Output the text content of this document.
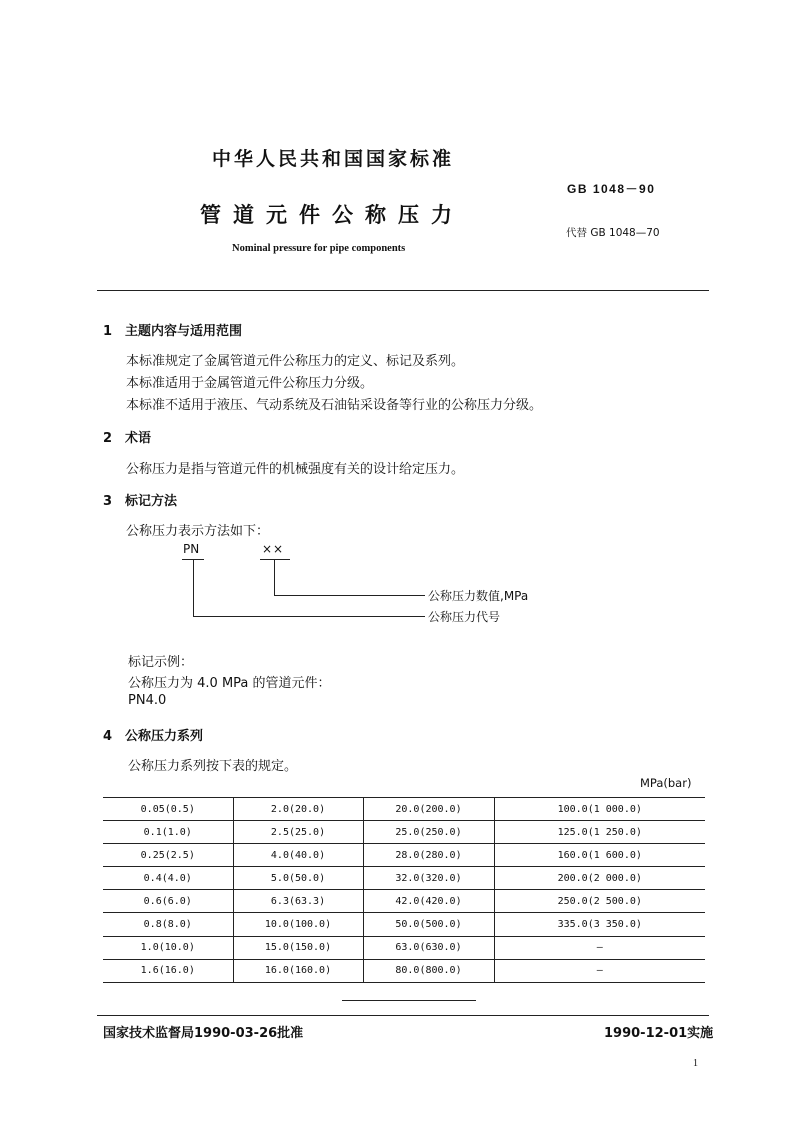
中华人民共和国国家标准
GB 1048－90
管道元件公称压力
代替 GB 1048—70
Nominal pressure for pipe components
1 主题内容与适用范围
本标准规定了金属管道元件公称压力的定义、标记及系列。
本标准适用于金属管道元件公称压力分级。
本标准不适用于液压、气动系统及石油钻采设备等行业的公称压力分级。
2 术语
公称压力是指与管道元件的机械强度有关的设计给定压力。
3 标记方法
公称压力表示方法如下：
PN	××
公称压力数值,MPa
公称压力代号
标记示例：
公称压力为 4.0 MPa 的管道元件：
PN4.0
4 公称压力系列
公称压力系列按下表的规定。
MPa(bar)
0.05(0.5)	2.0(20.0)	20.0(200.0)	100.0(1 000.0)
0.1(1.0)	2.5(25.0)	25.0(250.0)	125.0(1 250.0)
0.25(2.5)	4.0(40.0)	28.0(280.0)	160.0(1 600.0)
0.4(4.0)	5.0(50.0)	32.0(320.0)	200.0(2 000.0)
0.6(6.0)	6.3(63.3)	42.0(420.0)	250.0(2 500.0)
0.8(8.0)	10.0(100.0)	50.0(500.0)	335.0(3 350.0)
1.0(10.0)	15.0(150.0)	63.0(630.0)	—
1.6(16.0)	16.0(160.0)	80.0(800.0)	—
国家技术监督局1990-03-26批准	1990-12-01实施
1
